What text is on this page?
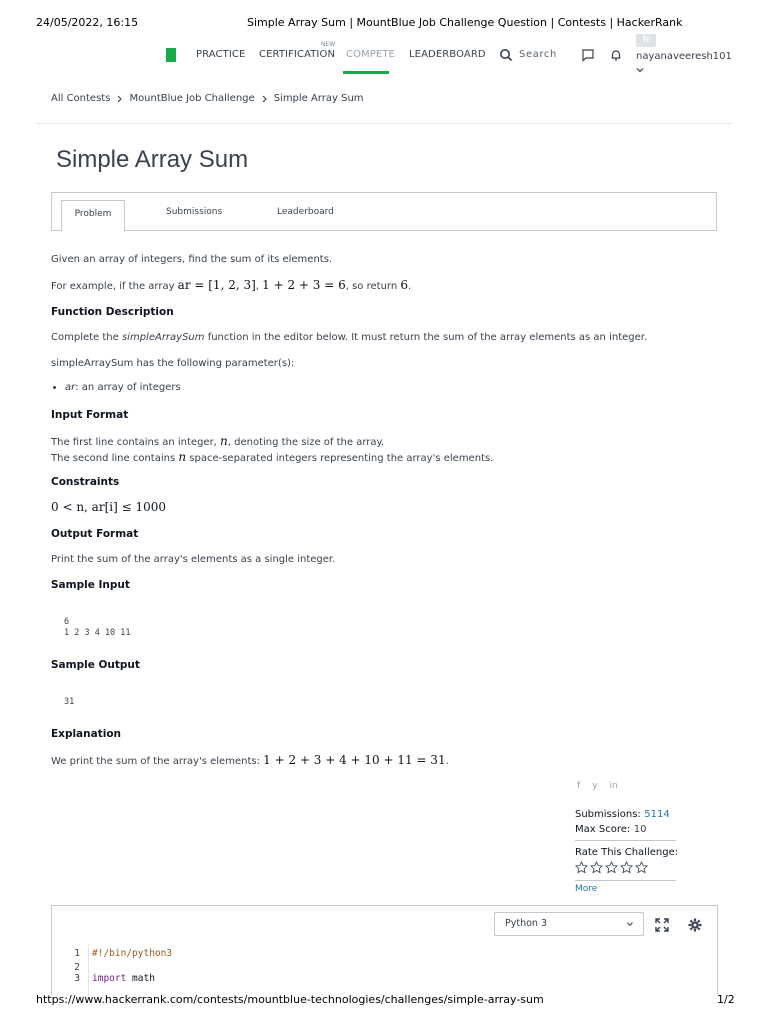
24/05/2022, 16:15	Simple Array Sum | MountBlue Job Challenge Question | Contests | HackerRank
PRACTICE CERTIFICATION
NEW
COMPETE LEADERBOARD	Search
N
nayanaveeresh101
All Contests MountBlue Job Challenge Simple Array Sum
Simple Array Sum
Problem	Submissions	Leaderboard
Given an array of integers, find the sum of its elements.
For example, if the array ar = [1, 2, 3], 1 + 2 + 3 = 6, so return 6.
Function Description
Complete the simpleArraySum function in the editor below. It must return the sum of the array elements as an integer.
simpleArraySum has the following parameter(s):
• ar: an array of integers
Input Format
The first line contains an integer, n, denoting the size of the array.
The second line contains n space-separated integers representing the array's elements.
Constraints
0 < n, ar[i] ≤ 1000
Output Format
Print the sum of the array's elements as a single integer.
Sample Input
6
1 2 3 4 10 11
Sample Output
31
Explanation
We print the sum of the array's elements: 1 + 2 + 3 + 4 + 10 + 11 = 31.
f y in
Submissions: 5114
Max Score: 10
Rate This Challenge:
More
Python 3
1 #!/bin/python3
2
3 import math
https://www.hackerrank.com/contests/mountblue-technologies/challenges/simple-array-sum	1/2
